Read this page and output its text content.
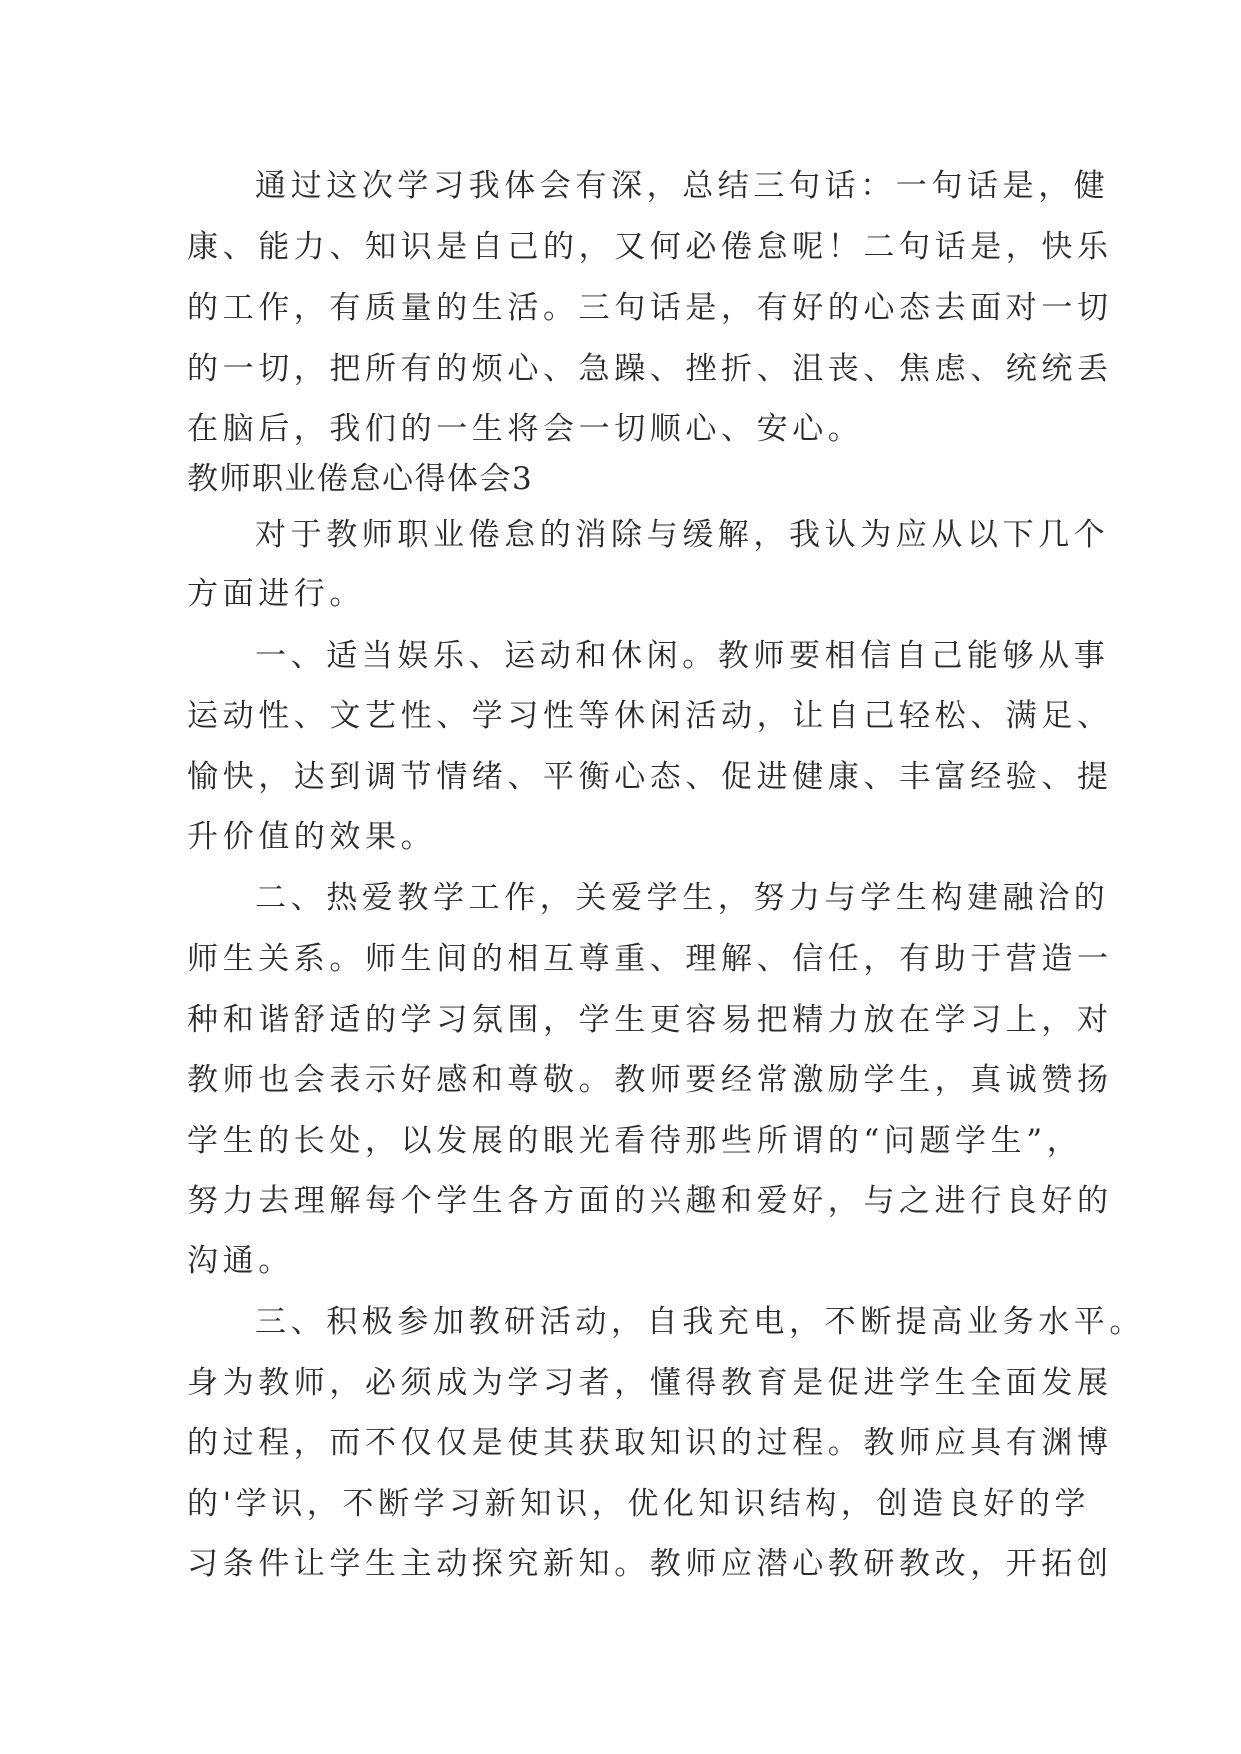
通过这次学习我体会有深，总结三句话：一句话是，健
康、能力、知识是自己的，又何必倦怠呢！二句话是，快乐
的工作，有质量的生活。三句话是，有好的心态去面对一切
的一切，把所有的烦心、急躁、挫折、沮丧、焦虑、统统丢
在脑后，我们的一生将会一切顺心、安心。
教师职业倦怠心得体会3
对于教师职业倦怠的消除与缓解，我认为应从以下几个
方面进行。
一、适当娱乐、运动和休闲。教师要相信自己能够从事
运动性、文艺性、学习性等休闲活动，让自己轻松、满足、
愉快，达到调节情绪、平衡心态、促进健康、丰富经验、提
升价值的效果。
二、热爱教学工作，关爱学生，努力与学生构建融洽的
师生关系。师生间的相互尊重、理解、信任，有助于营造一
种和谐舒适的学习氛围，学生更容易把精力放在学习上，对
教师也会表示好感和尊敬。教师要经常激励学生，真诚赞扬
学生的长处，以发展的眼光看待那些所谓的“问题学生”，
努力去理解每个学生各方面的兴趣和爱好，与之进行良好的
沟通。
三、积极参加教研活动，自我充电，不断提高业务水平。
身为教师，必须成为学习者，懂得教育是促进学生全面发展
的过程，而不仅仅是使其获取知识的过程。教师应具有渊博
的'学识，不断学习新知识，优化知识结构，创造良好的学
习条件让学生主动探究新知。教师应潜心教研教改，开拓创
